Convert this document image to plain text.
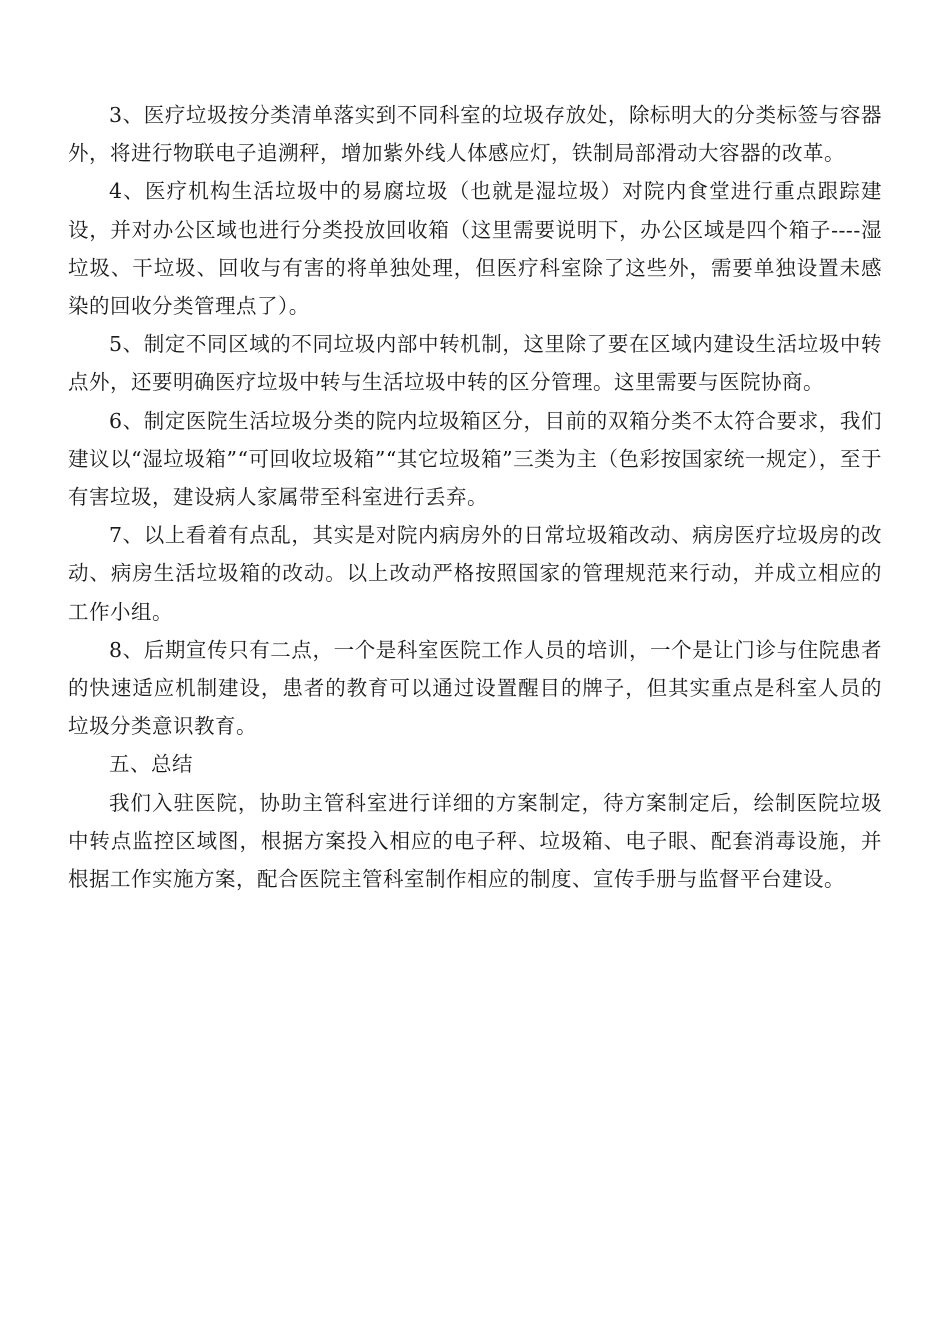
3、医疗垃圾按分类清单落实到不同科室的垃圾存放处，除标明大的分类标签与容器外，将进行物联电子追溯秤，增加紫外线人体感应灯，铁制局部滑动大容器的改革。

4、医疗机构生活垃圾中的易腐垃圾（也就是湿垃圾）对院内食堂进行重点跟踪建设，并对办公区域也进行分类投放回收箱（这里需要说明下，办公区域是四个箱子----湿垃圾、干垃圾、回收与有害的将单独处理，但医疗科室除了这些外，需要单独设置未感染的回收分类管理点了）。

5、制定不同区域的不同垃圾内部中转机制，这里除了要在区域内建设生活垃圾中转点外，还要明确医疗垃圾中转与生活垃圾中转的区分管理。这里需要与医院协商。

6、制定医院生活垃圾分类的院内垃圾箱区分，目前的双箱分类不太符合要求，我们建议以“湿垃圾箱”“可回收垃圾箱”“其它垃圾箱”三类为主（色彩按国家统一规定），至于有害垃圾，建设病人家属带至科室进行丢弃。

7、以上看着有点乱，其实是对院内病房外的日常垃圾箱改动、病房医疗垃圾房的改动、病房生活垃圾箱的改动。以上改动严格按照国家的管理规范来行动，并成立相应的工作小组。

8、后期宣传只有二点，一个是科室医院工作人员的培训，一个是让门诊与住院患者的快速适应机制建设，患者的教育可以通过设置醒目的牌子，但其实重点是科室人员的垃圾分类意识教育。

五、总结

我们入驻医院，协助主管科室进行详细的方案制定，待方案制定后，绘制医院垃圾中转点监控区域图，根据方案投入相应的电子秤、垃圾箱、电子眼、配套消毒设施，并根据工作实施方案，配合医院主管科室制作相应的制度、宣传手册与监督平台建设。
